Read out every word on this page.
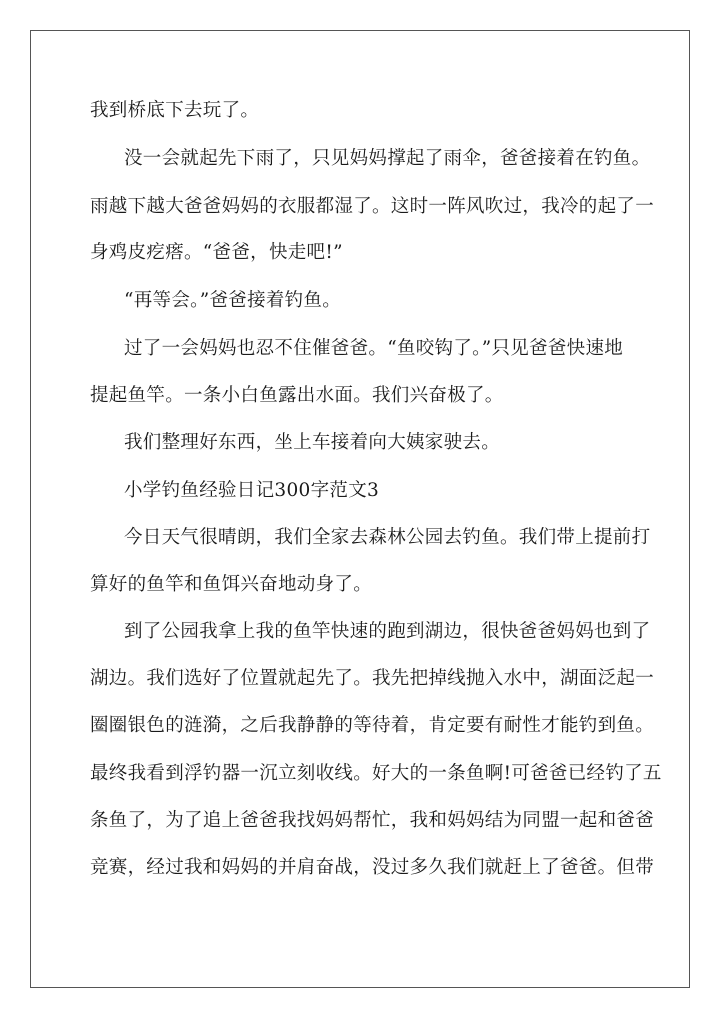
我到桥底下去玩了。
没一会就起先下雨了，只见妈妈撑起了雨伞，爸爸接着在钓鱼。
雨越下越大爸爸妈妈的衣服都湿了。这时一阵风吹过，我冷的起了一
身鸡皮疙瘩。“爸爸，快走吧!”
“再等会。”爸爸接着钓鱼。
过了一会妈妈也忍不住催爸爸。“鱼咬钩了。”只见爸爸快速地
提起鱼竿。一条小白鱼露出水面。我们兴奋极了。
我们整理好东西，坐上车接着向大姨家驶去。
小学钓鱼经验日记300字范文3
今日天气很晴朗，我们全家去森林公园去钓鱼。我们带上提前打
算好的鱼竿和鱼饵兴奋地动身了。
到了公园我拿上我的鱼竿快速的跑到湖边，很快爸爸妈妈也到了
湖边。我们选好了位置就起先了。我先把掉线抛入水中，湖面泛起一
圈圈银色的涟漪，之后我静静的等待着，肯定要有耐性才能钓到鱼。
最终我看到浮钓器一沉立刻收线。好大的一条鱼啊!可爸爸已经钓了五
条鱼了，为了追上爸爸我找妈妈帮忙，我和妈妈结为同盟一起和爸爸
竞赛，经过我和妈妈的并肩奋战，没过多久我们就赶上了爸爸。但带
